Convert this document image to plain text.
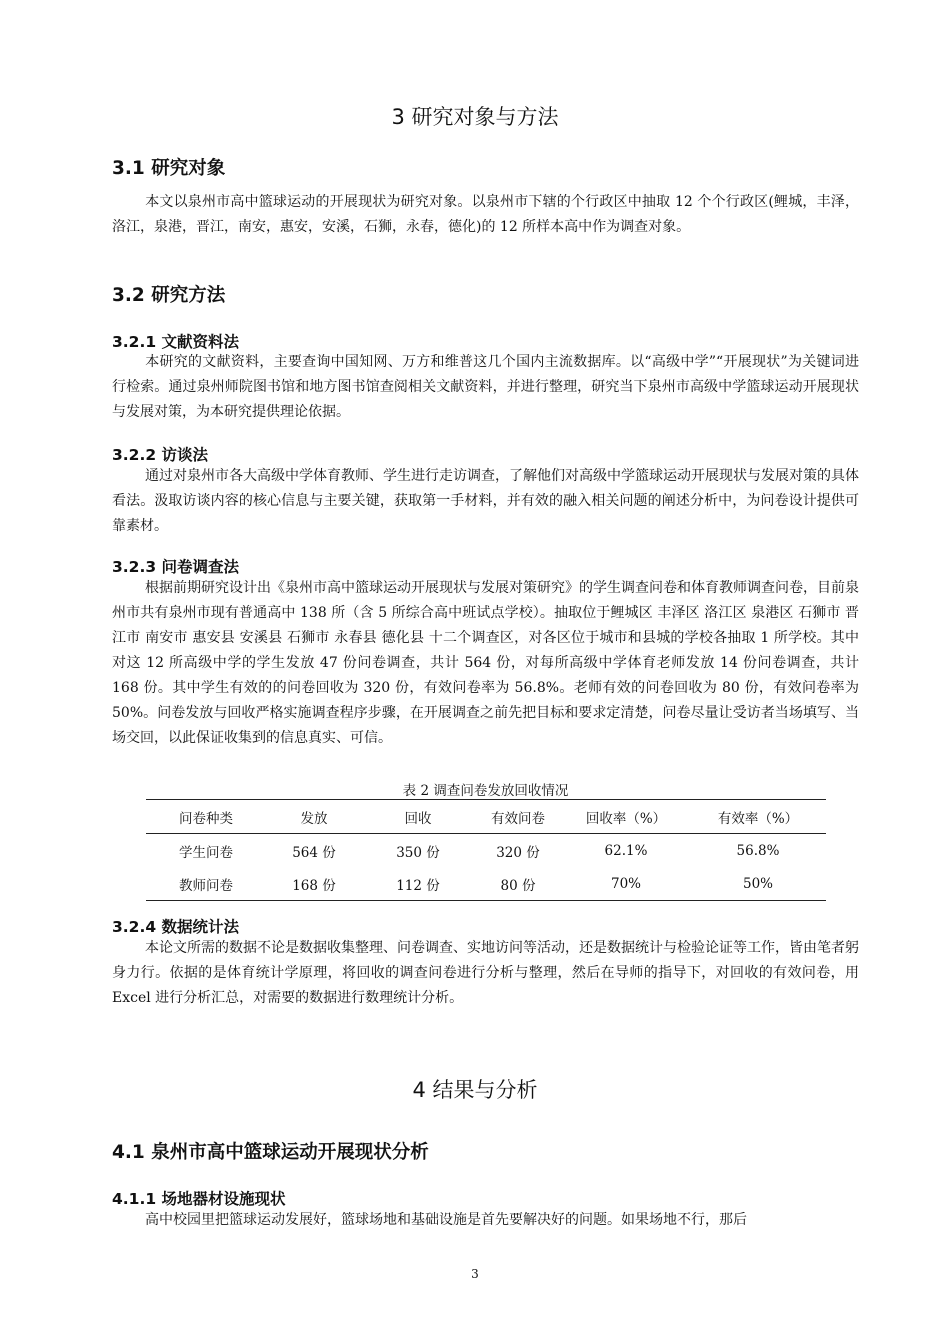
3 研究对象与方法
3.1 研究对象
本文以泉州市高中篮球运动的开展现状为研究对象。以泉州市下辖的个行政区中抽取 12 个个行政区(鲤城，丰泽，洛江，泉港，晋江，南安，惠安，安溪，石狮，永春，德化)的 12 所样本高中作为调查对象。
3.2 研究方法
3.2.1 文献资料法
本研究的文献资料，主要查询中国知网、万方和维普这几个国内主流数据库。以“高级中学”“开展现状”为关键词进行检索。通过泉州师院图书馆和地方图书馆查阅相关文献资料，并进行整理，研究当下泉州市高级中学篮球运动开展现状与发展对策，为本研究提供理论依据。
3.2.2 访谈法
通过对泉州市各大高级中学体育教师、学生进行走访调查，了解他们对高级中学篮球运动开展现状与发展对策的具体看法。汲取访谈内容的核心信息与主要关键，获取第一手材料，并有效的融入相关问题的阐述分析中，为问卷设计提供可靠素材。
3.2.3 问卷调查法
根据前期研究设计出《泉州市高中篮球运动开展现状与发展对策研究》的学生调查问卷和体育教师调查问卷，目前泉州市共有泉州市现有普通高中 138 所（含 5 所综合高中班试点学校）。抽取位于鲤城区 丰泽区 洛江区 泉港区 石狮市 晋江市 南安市 惠安县 安溪县 石狮市 永春县 德化县 十二个调查区，对各区位于城市和县城的学校各抽取 1 所学校。其中对这 12 所高级中学的学生发放 47 份问卷调查，共计 564 份，对每所高级中学体育老师发放 14 份问卷调查，共计 168 份。其中学生有效的的问卷回收为 320 份，有效问卷率为 56.8%。老师有效的问卷回收为 80 份，有效问卷率为 50%。问卷发放与回收严格实施调查程序步骤，在开展调查之前先把目标和要求定清楚，问卷尽量让受访者当场填写、当场交回，以此保证收集到的信息真实、可信。
表 2 调查问卷发放回收情况
问卷种类	发放	回收	有效问卷	回收率（%）	有效率（%）
学生问卷	564 份	350 份	320 份	62.1%	56.8%
教师问卷	168 份	112 份	80 份	70%	50%
3.2.4 数据统计法
本论文所需的数据不论是数据收集整理、问卷调查、实地访问等活动，还是数据统计与检验论证等工作，皆由笔者躬身力行。依据的是体育统计学原理，将回收的调查问卷进行分析与整理，然后在导师的指导下，对回收的有效问卷，用 Excel 进行分析汇总，对需要的数据进行数理统计分析。
4 结果与分析
4.1 泉州市高中篮球运动开展现状分析
4.1.1 场地器材设施现状
高中校园里把篮球运动发展好，篮球场地和基础设施是首先要解决好的问题。如果场地不行，那后
3
